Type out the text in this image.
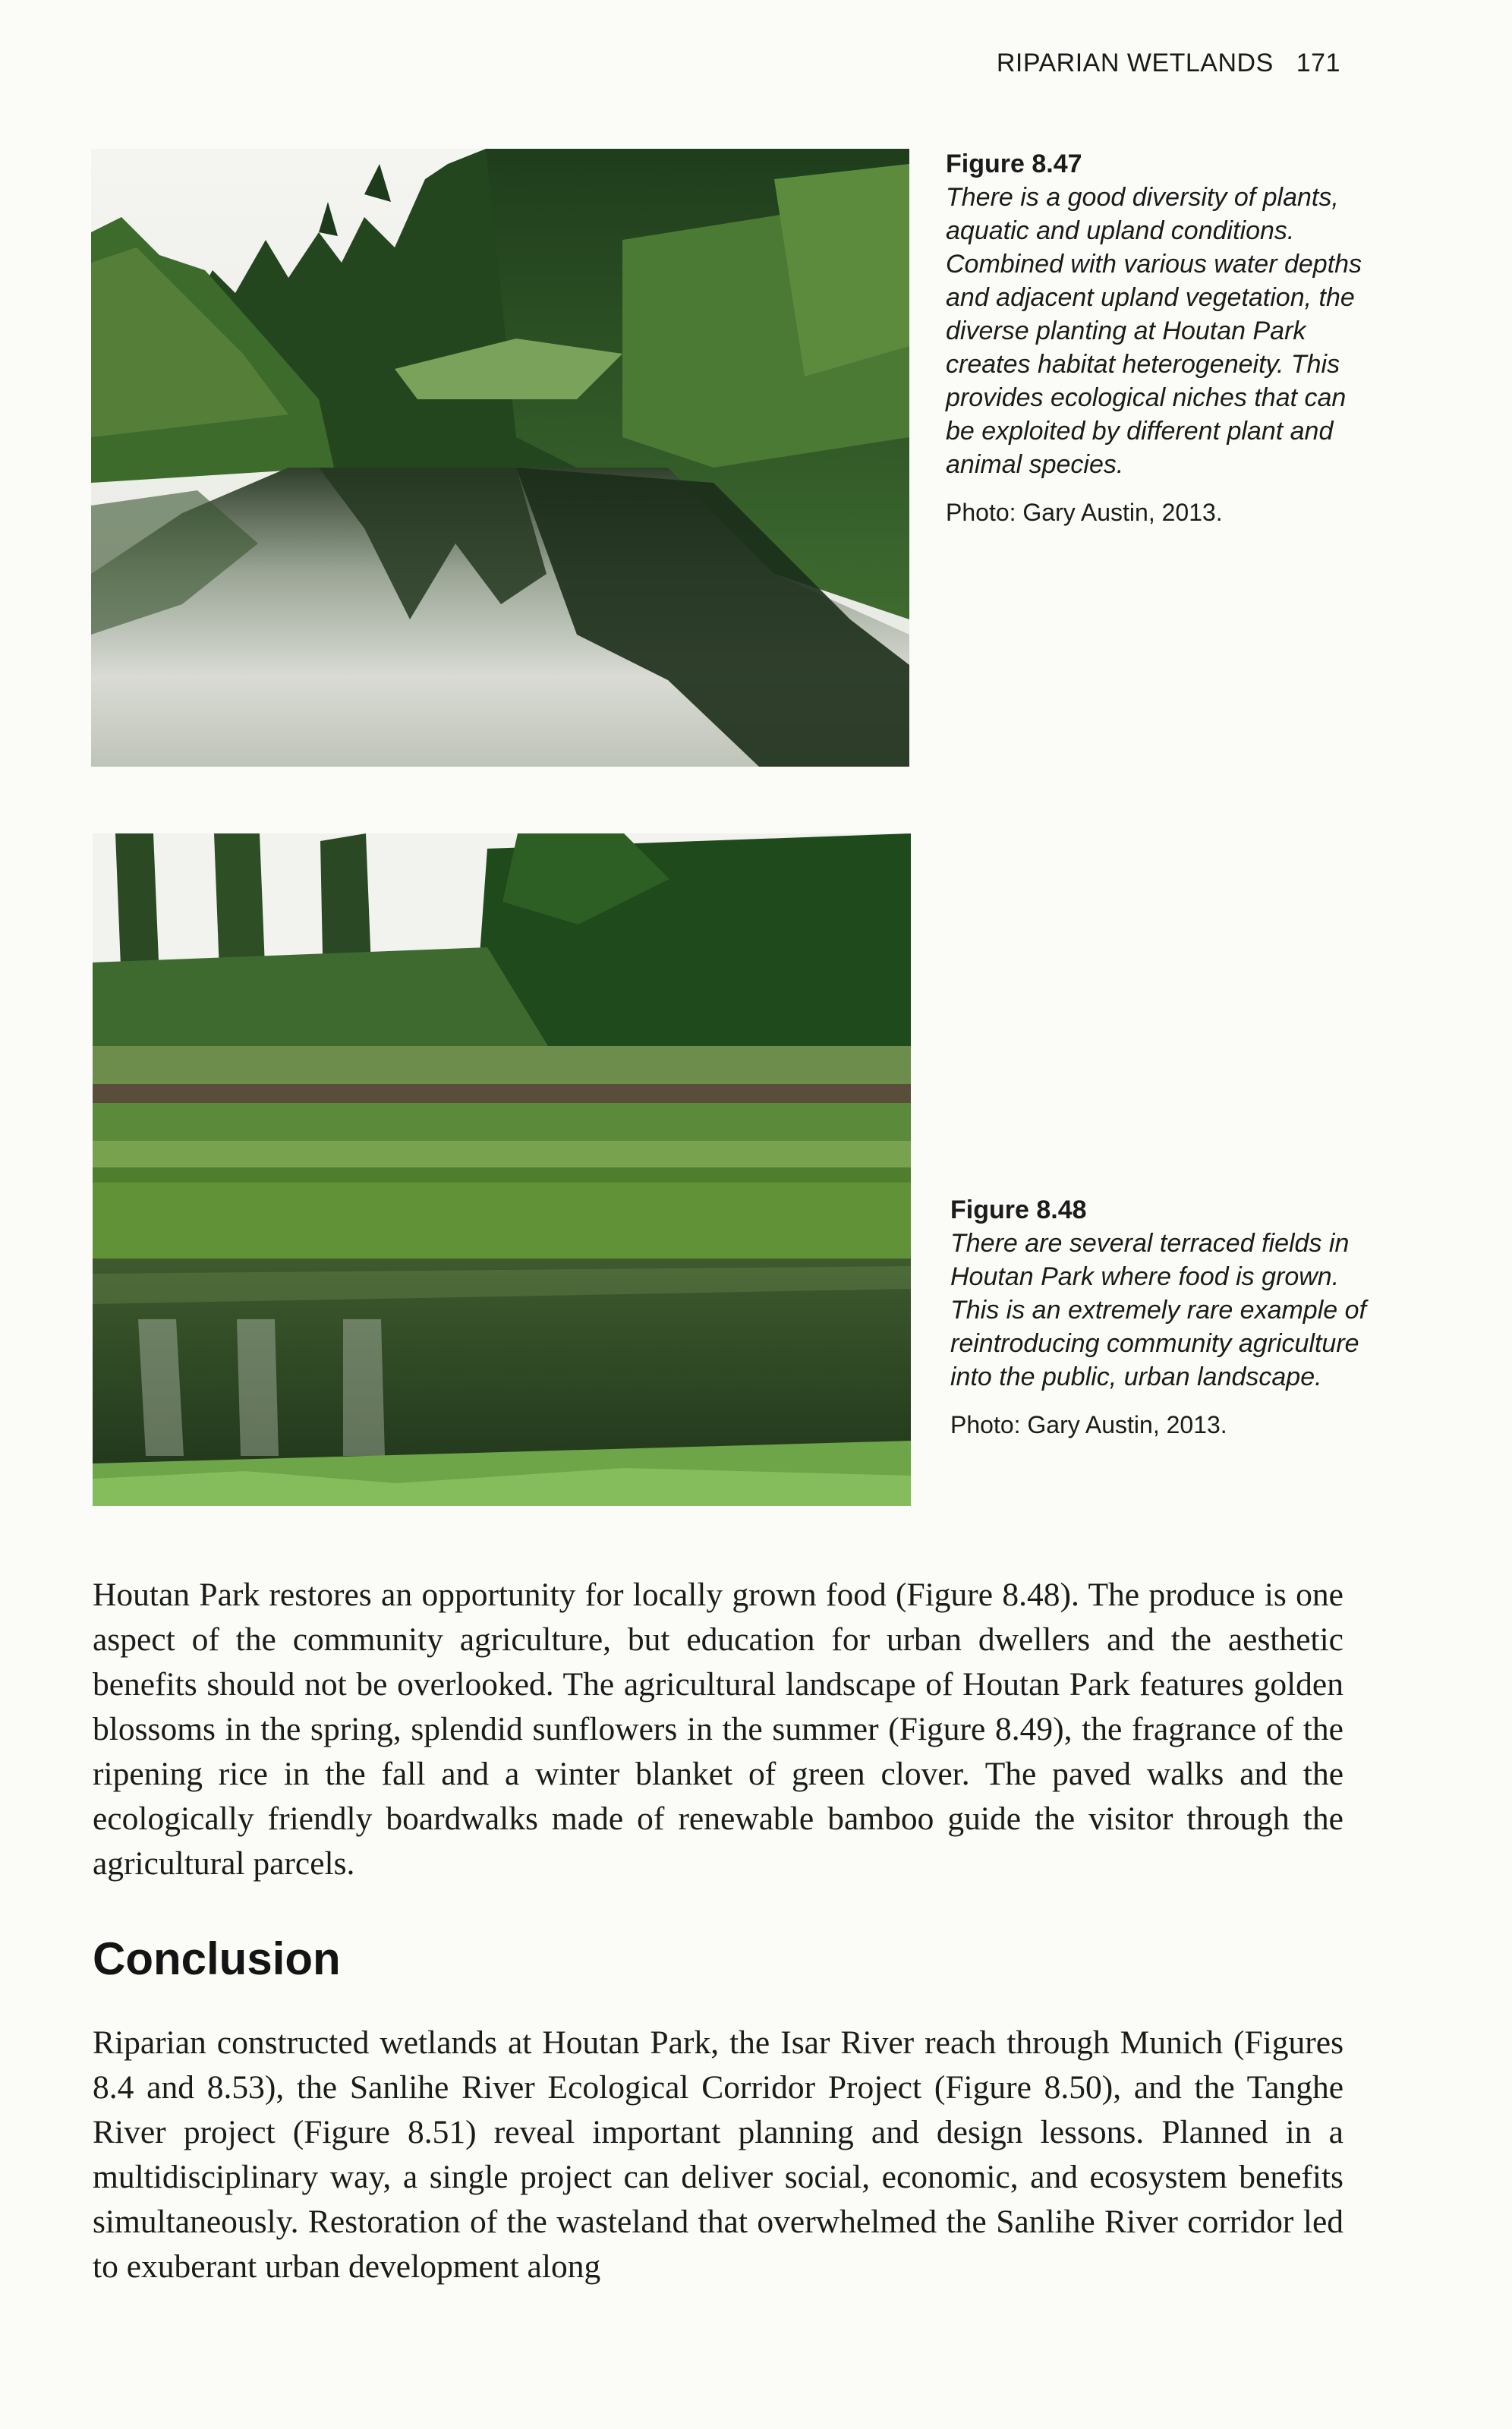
RIPARIAN WETLANDS 171
Figure 8.47
There is a good diversity of plants, aquatic and upland conditions. Combined with various water depths and adjacent upland vegetation, the diverse planting at Houtan Park creates habitat heterogeneity. This provides ecological niches that can be exploited by different plant and animal species.
Photo: Gary Austin, 2013.
Figure 8.48
There are several terraced fields in Houtan Park where food is grown. This is an extremely rare example of reintroducing community agriculture into the public, urban landscape.
Photo: Gary Austin, 2013.

Houtan Park restores an opportunity for locally grown food (Figure 8.48). The produce is one aspect of the community agriculture, but education for urban dwellers and the aesthetic benefits should not be overlooked. The agricultural landscape of Houtan Park features golden blossoms in the spring, splendid sunflowers in the summer (Figure 8.49), the fragrance of the ripening rice in the fall and a winter blanket of green clover. The paved walks and the ecologically friendly boardwalks made of renewable bamboo guide the visitor through the agricultural parcels.

Conclusion

Riparian constructed wetlands at Houtan Park, the Isar River reach through Munich (Figures 8.4 and 8.53), the Sanlihe River Ecological Corridor Project (Figure 8.50), and the Tanghe River project (Figure 8.51) reveal important planning and design lessons. Planned in a multidisciplinary way, a single project can deliver social, economic, and ecosystem benefits simultaneously. Restoration of the wasteland that overwhelmed the Sanlihe River corridor led to exuberant urban development along
